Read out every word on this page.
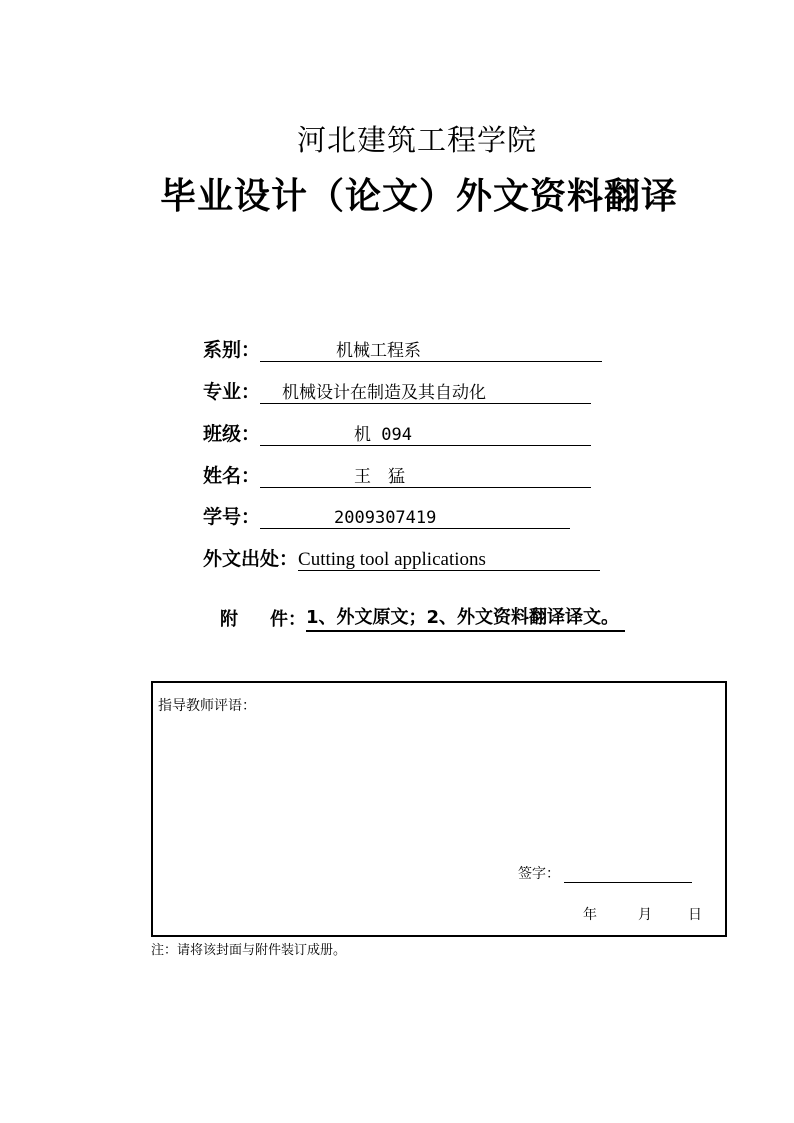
河北建筑工程学院
毕业设计（论文）外文资料翻译
系别：	机械工程系
专业：	机械设计在制造及其自动化
班级：	机 094
姓名：	王　猛
学号：	2009307419
外文出处： Cutting tool applications
附 件： 1、外文原文；2、外文资料翻译译文。
指导教师评语：
签字：
年	月	日
注：请将该封面与附件装订成册。
